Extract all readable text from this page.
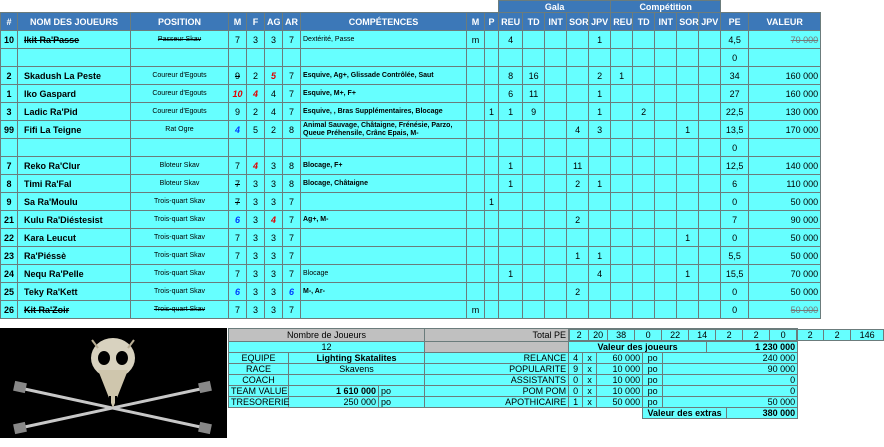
										Gala					Compétition						
#	NOM DES JOUEURS	POSITION	M	F	AG	AR	COMPÉTENCES	M	P	REU	TD	INT	SOR	JPV	REU	TD	INT	SOR	JPV	PE	VALEUR
10	Ikit Ra'Passe	Passeur Skav	7	3	3	7	Dextérité, Passe	m		4				1						4,5	70 000
																				0	
2	Skadush La Peste	Coureur d'Egouts	9	2	5	7	Esquive, Ag+, Glissade Contrôlée, Saut			8	16			2	1					34	160 000
1	Iko Gaspard	Coureur d'Egouts	10	4	4	7	Esquive, M+, F+			6	11			1						27	160 000
3	Ladic Ra'Pid	Coureur d'Egouts	9	2	4	7	Esquive, , Bras Supplémentaires, Blocage		1	1	9			1		2				22,5	130 000
99	Fifi La Teigne	Rat Ogre	4	5	2	8	Animal Sauvage, Châtaigne, Frénésie, Parzo, Queue Préhensile, Crânc Epais, M-						4	3				1		13,5	170 000
																				0	
7	Reko Ra'Clur	Bloteur Skav	7	4	3	8	Blocage, F+			1			11							12,5	140 000
8	Timi Ra'Fal	Bloteur Skav	7	3	3	8	Blocage, Châtaigne			1			2	1						6	110 000
9	Sa Ra'Moulu	Trois-quart Skav	7	3	3	7			1											0	50 000
21	Kulu Ra'Diéstesist	Trois-quart Skav	6	3	4	7	Ag+, M-						2							7	90 000
22	Kara Leucut	Trois-quart Skav	7	3	3	7												1		0	50 000
23	Ra'Piéssè	Trois-quart Skav	7	3	3	7							1	1						5,5	50 000
24	Nequ Ra'Pelle	Trois-quart Skav	7	3	3	7	Blocage			1				4				1		15,5	70 000
25	Teky Ra'Kett	Trois-quart Skav	6	3	3	6	M-, Ar-						2							0	50 000
26	Kit Ra'Zoir	Trois-quart Skav	7	3	3	7		m												0	50 000
Nombre de Joueurs	Total PE	2	20	38	0	22	14	2	2	0	2	2	146

12		Valeur des joueurs	1 230 000
EQUIPE	Lighting Skatalites	RELANCE	4	x	60 000	po	240 000
RACE	Skavens	POPULARITE	9	x	10 000	po	90 000
COACH		ASSISTANTS	0	x	10 000	po	0
TEAM VALUE	1 610 000	po	POM POM	0	x	10 000	po	0
TRESORERIE	250 000	po	APOTHICAIRE	1	x	50 000	po	50 000
		Valeur des extras	380 000
